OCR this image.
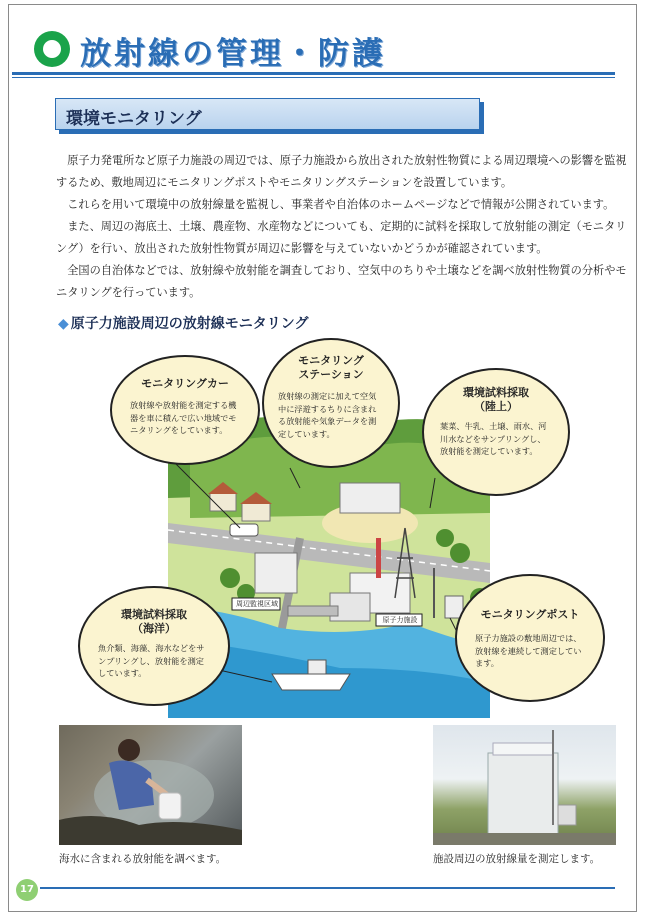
放射線の管理・防護
環境モニタリング

原子力発電所など原子力施設の周辺では、原子力施設から放出された放射性物質による周辺環境への影響を監視するため、敷地周辺にモニタリングポストやモニタリングステーションを設置しています。

これらを用いて環境中の放射線量を監視し、事業者や自治体のホームページなどで情報が公開されています。

また、周辺の海底土、土壌、農産物、水産物などについても、定期的に試料を採取して放射能の測定（モニタリング）を行い、放出された放射性物質が周辺に影響を与えていないかどうかが確認されています。

全国の自治体などでは、放射線や放射能を調査しており、空気中のちりや土壌などを調べ放射性物質の分析やモニタリングを行っています。

◆ 原子力施設周辺の放射線モニタリング
周辺監視区域
原子力施設
モニタリングカー
放射線や放射能を測定する機器を車に積んで広い地域でモニタリングをしています。
モニタリング
ステーション
放射線の測定に加えて空気中に浮遊するちりに含まれる放射能や気象データを測定しています。
環境試料採取
（陸上）
葉菜、牛乳、土壌、雨水、河川水などをサンプリングし、放射能を測定しています。
環境試料採取
（海洋）
魚介類、海藻、海水などをサンプリングし、放射能を測定しています。
モニタリングポスト
原子力施設の敷地周辺では、放射線を連続して測定しています。
海水に含まれる放射能を調べます。	施設周辺の放射線量を測定します。
17
